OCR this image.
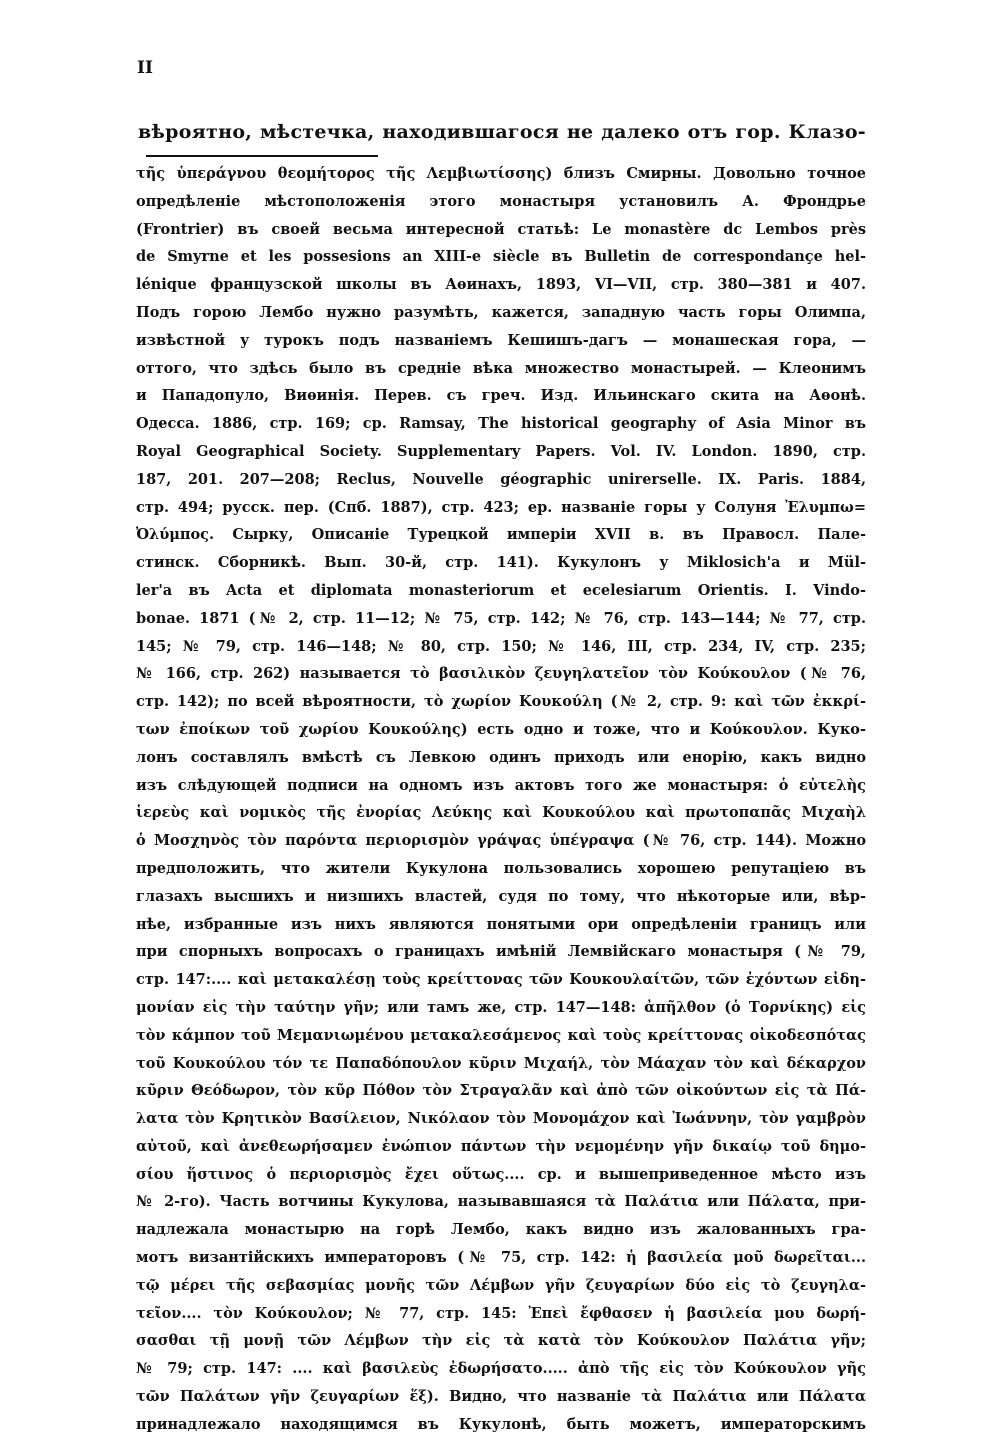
II
вѣроятно, мѣстечка, находившагося не далеко отъ гор. Клазо-
τῆς ὑπεράγνου θεομήτορος τῆς Λεμβιωτίσσης) близъ Смирны. Довольно точное
опредѣленіе мѣстоположенія этого монастыря установилъ А. Фрондрье
(Frontrier) въ своей весьма интересной статьѣ: Le monastère dc Lembos près
de Smyrne et les possesions an XIII-e siècle въ Bulletin de correspondançe hel-
lénique французской школы въ Аѳинахъ, 1893, VI—VII, стр. 380—381 и 407.
Подъ горою Лембо нужно разумѣть, кажется, западную часть горы Олимпа,
извѣстной у турокъ подъ названіемъ Кешишъ-дагъ — монашеская гора, —
оттого, что здѣсь было въ средніе вѣка множество монастырей. — Клеонимъ
и Пападопуло, Виѳинія. Перев. съ греч. Изд. Ильинскаго скита на Аѳонѣ.
Одесса. 1886, стр. 169; ср. Ramsay, The historical geography of Asia Minor въ
Royal Geographical Society. Supplementary Papers. Vol. IV. London. 1890, стр.
187, 201. 207—208; Reclus, Nouvelle géographic unirerselle. IX. Paris. 1884,
стр. 494; русск. пер. (Спб. 1887), стр. 423; ер. названіе горы у Солуня Ἐλυμπω=
Ὀλύμπος. Сырку, Описаніе Турецкой имперіи XVII в. въ Правосл. Пале-
стинск. Сборникѣ. Вып. 30-й, стр. 141). Кукулонъ у Miklosich'а и Mül-
ler'а въ Acta et diplomata monasteriorum et ecelesiarum Orientis. I. Vindo-
bonae. 1871 (№ 2, стр. 11—12; № 75, стр. 142; № 76, стр. 143—144; № 77, стр.
145; № 79, стр. 146—148; № 80, стр. 150; № 146, III, стр. 234, IV, стр. 235;
№ 166, стр. 262) называется τὸ βασιλικὸν ζευγηλατεῖον τὸν Κούκουλον (№ 76,
стр. 142); по всей вѣроятности, τὸ χωρίον Κουκούλη (№ 2, стр. 9: καὶ τῶν ἐκκρί-
των ἐποίκων τοῦ χωρίου Κουκούλης) есть одно и тоже, что и Κούκουλον. Куко-
лонъ составлялъ вмѣстѣ съ Левкою одинъ приходъ или енорію, какъ видно
изъ слѣдующей подписи на одномъ изъ актовъ того же монастыря: ὁ εὐτελὴς
ἱερεὺς καὶ νομικὸς τῆς ἐνορίας Λεύκης καὶ Κουκούλου καὶ πρωτοπαπᾶς Μιχαὴλ
ὁ Μοσχηνὸς τὸν παρόντα περιορισμὸν γράψας ὑπέγραψα (№ 76, стр. 144). Можно
предположить, что жители Кукулона пользовались хорошею репутаціею въ
глазахъ высшихъ и низшихъ властей, судя по тому, что нѣкоторые или, вѣр-
нѣе, избранные изъ нихъ являются понятыми ори опредѣленіи границъ или
при спорныхъ вопросахъ о границахъ имѣній Лемвійскаго монастыря (№ 79,
стр. 147:.... καὶ μετακαλέσῃ τοὺς κρείττονας τῶν Κουκουλαίτῶν, τῶν ἐχόντων εἰδη-
μονίαν εἰς τὴν ταύτην γῆν; или тамъ же, стр. 147—148: ἀπῆλθον (ὁ Τορνίκης) εἰς
τὸν κάμπον τοῦ Μεμανιωμένου μετακαλεσάμενος καὶ τοὺς κρείττονας οἰκοδεσπότας
τοῦ Κουκούλου τόν τε Παπαδόπουλον κῦριν Μιχαήλ, τὸν Μάαχαν τὸν καὶ δέκαρχον
κῦριν Θεόδωρον, τὸν κῦρ Πόθον τὸν Στραγαλᾶν καὶ ἀπὸ τῶν οἰκούντων εἰς τὰ Πά-
λατα τὸν Κρητικὸν Βασίλειον, Νικόλαον τὸν Μονομάχον καὶ Ἰωάννην, τὸν γαμβρὸν
αὐτοῦ, καὶ ἀνεθεωρήσαμεν ἐνώπιον πάντων τὴν νεμομένην γῆν δικαίῳ τοῦ δημο-
σίου ἥστινος ὁ περιορισμὸς ἔχει οὕτως.... ср. и вышеприведенное мѣсто изъ
№ 2-го). Часть вотчины Кукулова, называвшаяся τὰ Παλάτια или Πάλατα, при-
надлежала монастырю на горѣ Лембо, какъ видно изъ жалованныхъ гра-
мотъ византійскихъ императоровъ (№ 75, стр. 142: ἡ βασιλεία μοῦ δωρεῖται...
τῷ μέρει τῆς σεβασμίας μονῆς τῶν Λέμβων γῆν ζευγαρίων δύο εἰς τὸ ζευγηλα-
τεῖον.... τὸν Κούκουλον; № 77, стр. 145: Ἐπεὶ ἔφθασεν ἡ βασιλεία μου δωρή-
σασθαι τῇ μονῇ τῶν Λέμβων τὴν εἰς τὰ κατὰ τὸν Κούκουλον Παλάτια γῆν;
№ 79; стр. 147: .... καὶ βασιλεὺς ἐδωρήσατο..... ἀπὸ τῆς εἰς τὸν Κούκουλον γῆς
τῶν Παλάτων γῆν ζευγαρίων ἕξ). Видно, что названіе τὰ Παλάτια или Πάλατα
принадлежало находящимся въ Кукулонѣ, быть можетъ, императорскимъ
